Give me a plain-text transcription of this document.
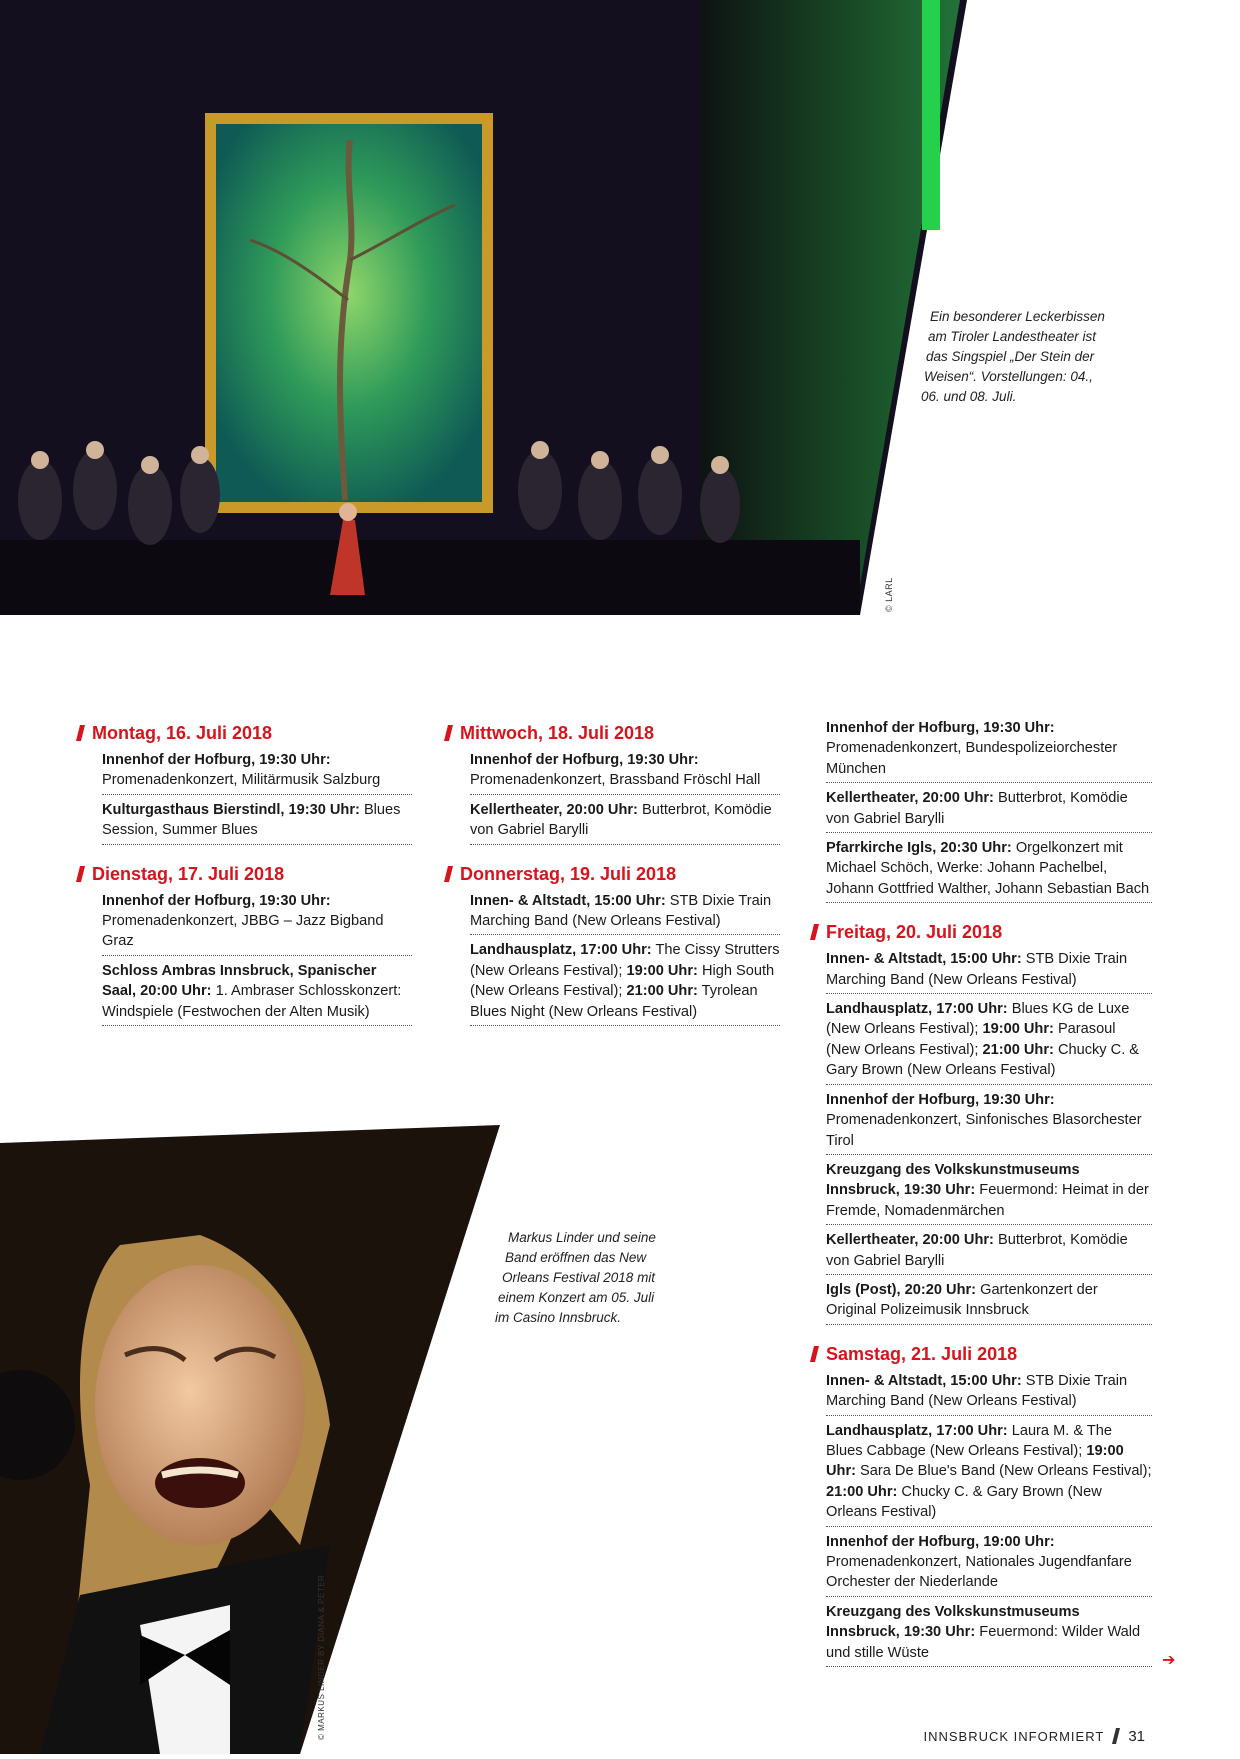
© LARL
Ein besonderer Leckerbissen
am Tiroler Landestheater ist
das Singspiel „Der Stein der
Weisen“. Vorstellungen: 04.,
06. und 08. Juli.
Montag, 16. Juli 2018
Innenhof der Hofburg, 19:30 Uhr:
Promenadenkonzert, Militärmusik Salzburg
Kulturgasthaus Bierstindl, 19:30 Uhr: Blues Session, Summer Blues
Dienstag, 17. Juli 2018
Innenhof der Hofburg, 19:30 Uhr: Promenadenkonzert, JBBG – Jazz Bigband Graz
Schloss Ambras Innsbruck, Spanischer Saal, 20:00 Uhr: 1. Ambraser Schlosskonzert: Windspiele (Festwochen der Alten Musik)
Mittwoch, 18. Juli 2018
Innenhof der Hofburg, 19:30 Uhr: Promenadenkonzert, Brassband Fröschl Hall
Kellertheater, 20:00 Uhr: Butterbrot, Komödie von Gabriel Barylli
Donnerstag, 19. Juli 2018
Innen- & Altstadt, 15:00 Uhr: STB Dixie Train Marching Band (New Orleans Festival)
Landhausplatz, 17:00 Uhr: The Cissy Strutters (New Orleans Festival); 19:00 Uhr: High South (New Orleans Festival); 21:00 Uhr: Tyrolean Blues Night (New Orleans Festival)
Innenhof der Hofburg, 19:30 Uhr:
Promenadenkonzert, Bundespolizeiorchester München
Kellertheater, 20:00 Uhr: Butterbrot, Komödie von Gabriel Barylli
Pfarrkirche Igls, 20:30 Uhr: Orgelkonzert mit Michael Schöch, Werke: Johann Pachelbel, Johann Gottfried Walther, Johann Sebastian Bach
Freitag, 20. Juli 2018
Innen- & Altstadt, 15:00 Uhr: STB Dixie Train Marching Band (New Orleans Festival)
Landhausplatz, 17:00 Uhr: Blues KG de Luxe (New Orleans Festival); 19:00 Uhr: Parasoul (New Orleans Festival); 21:00 Uhr: Chucky C. & Gary Brown (New Orleans Festival)
Innenhof der Hofburg, 19:30 Uhr: Promenadenkonzert, Sinfonisches Blasorchester Tirol
Kreuzgang des Volkskunstmuseums Innsbruck, 19:30 Uhr: Feuermond: Heimat in der Fremde, Nomadenmärchen
Kellertheater, 20:00 Uhr: Butterbrot, Komödie von Gabriel Barylli
Igls (Post), 20:20 Uhr: Gartenkonzert der Original Polizeimusik Innsbruck
Samstag, 21. Juli 2018
Innen- & Altstadt, 15:00 Uhr: STB Dixie Train Marching Band (New Orleans Festival)
Landhausplatz, 17:00 Uhr: Laura M. & The Blues Cabbage (New Orleans Festival); 19:00 Uhr: Sara De Blue's Band (New Orleans Festival); 21:00 Uhr: Chucky C. & Gary Brown (New Orleans Festival)
Innenhof der Hofburg, 19:00 Uhr: Promenadenkonzert, Nationales Jugendfanfare Orchester der Niederlande
Kreuzgang des Volkskunstmuseums Innsbruck, 19:30 Uhr: Feuermond: Wilder Wald und stille Wüste
© MARKUS LINDER BY DIANA & PETER
Markus Linder und seine
Band eröffnen das New
Orleans Festival 2018 mit
einem Konzert am 05. Juli
im Casino Innsbruck.
➔
INNSBRUCK INFORMIERT 31
